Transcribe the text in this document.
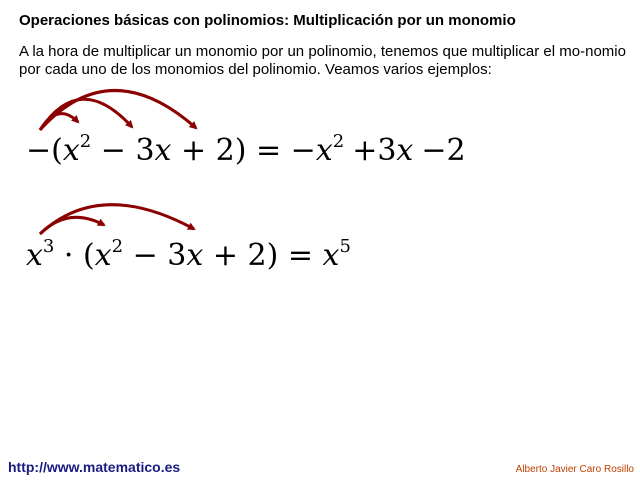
Operaciones básicas con polinomios: Multiplicación por un monomio
A la hora de multiplicar un monomio por un polinomio, tenemos que multiplicar el mo-nomio por cada uno de los monomios del polinomio. Veamos varios ejemplos:
$-(x^2 - 3x + 2) = -x^2 +3x -2$
$x^3 \cdot (x^2 - 3x + 2) = x^5$
http://www.matematico.es	Alberto Javier Caro Rosillo
